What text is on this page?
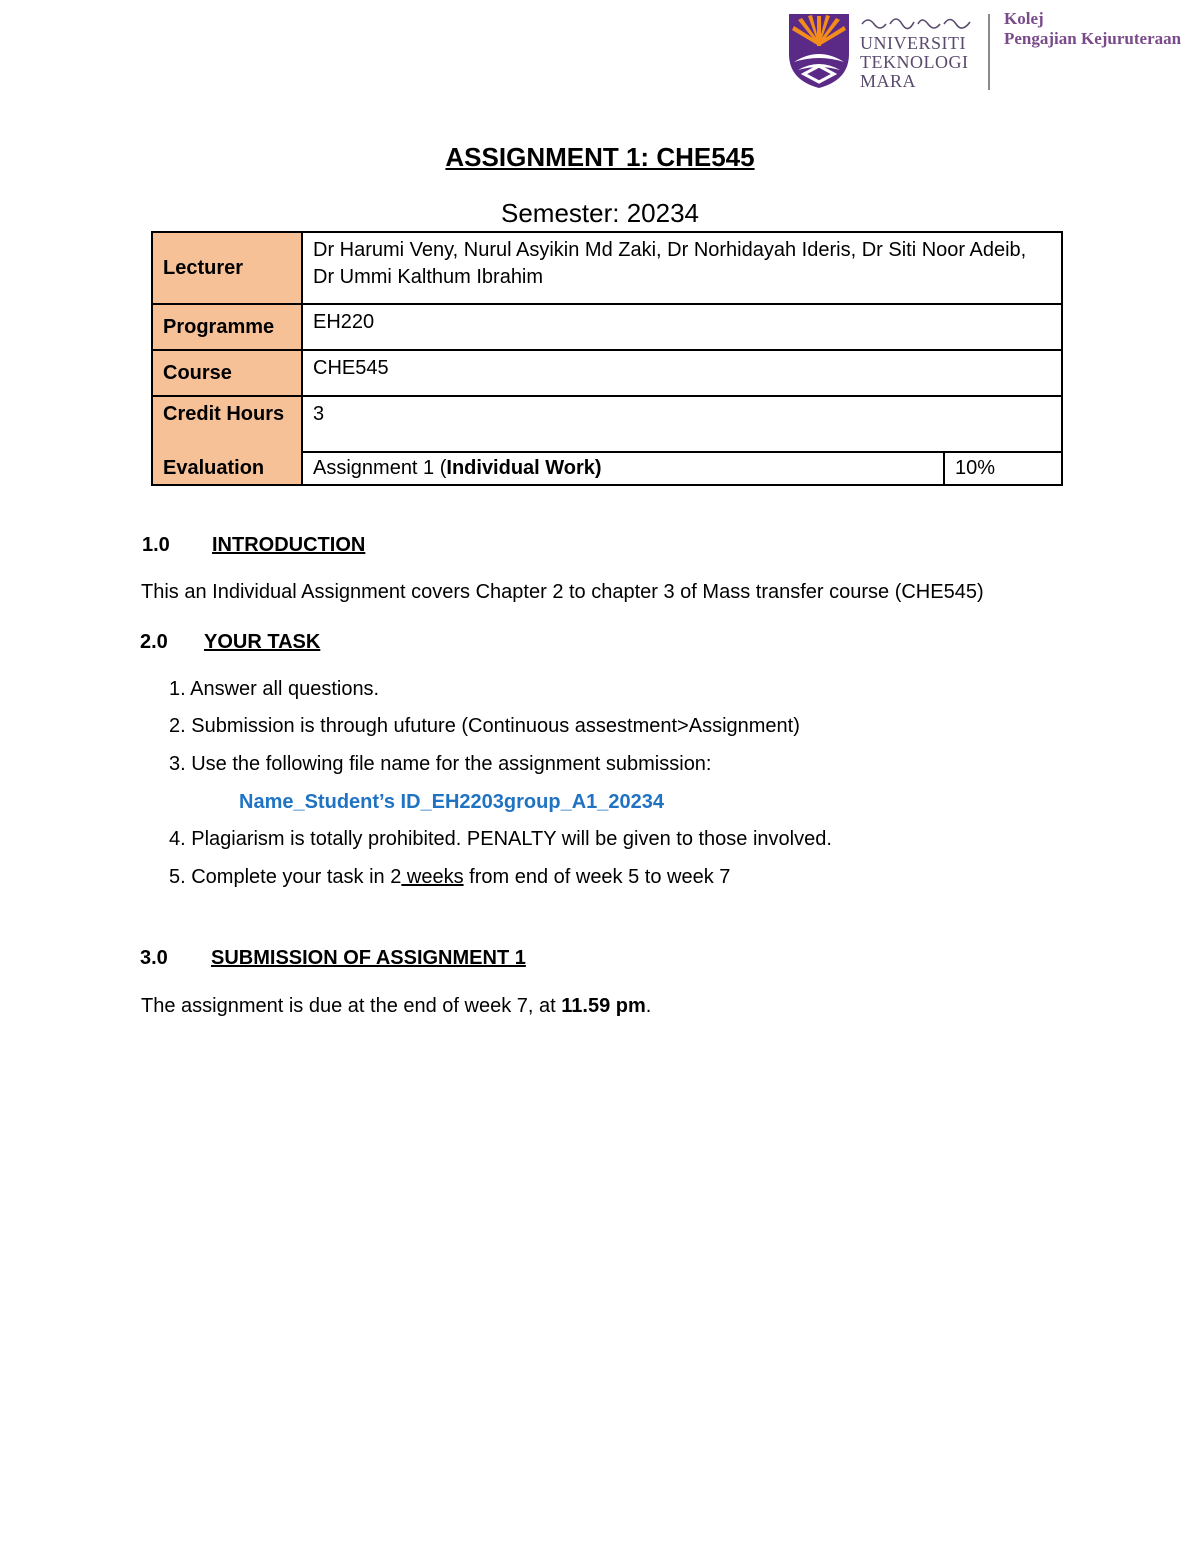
UNIVERSITI
TEKNOLOGI
MARA
Kolej
Pengajian Kejuruteraan
ASSIGNMENT 1: CHE545
Semester: 20234
Lecturer	Dr Harumi Veny, Nurul Asyikin Md Zaki, Dr Norhidayah Ideris, Dr Siti Noor Adeib, Dr Ummi Kalthum Ibrahim	
Programme	EH220	
Course	CHE545	
Credit Hours	3	
Evaluation	Assignment 1 (Individual Work)	10%
1.0 INTRODUCTION
This an Individual Assignment covers Chapter 2 to chapter 3 of Mass transfer course (CHE545)
2.0 YOUR TASK
1. Answer all questions.
2. Submission is through ufuture (Continuous assestment>Assignment)
3. Use the following file name for the assignment submission:
Name_Student’s ID_EH2203group_A1_20234
4. Plagiarism is totally prohibited. PENALTY will be given to those involved.
5. Complete your task in 2 weeks from end of week 5 to week 7
3.0 SUBMISSION OF ASSIGNMENT 1
The assignment is due at the end of week 7, at 11.59 pm.
